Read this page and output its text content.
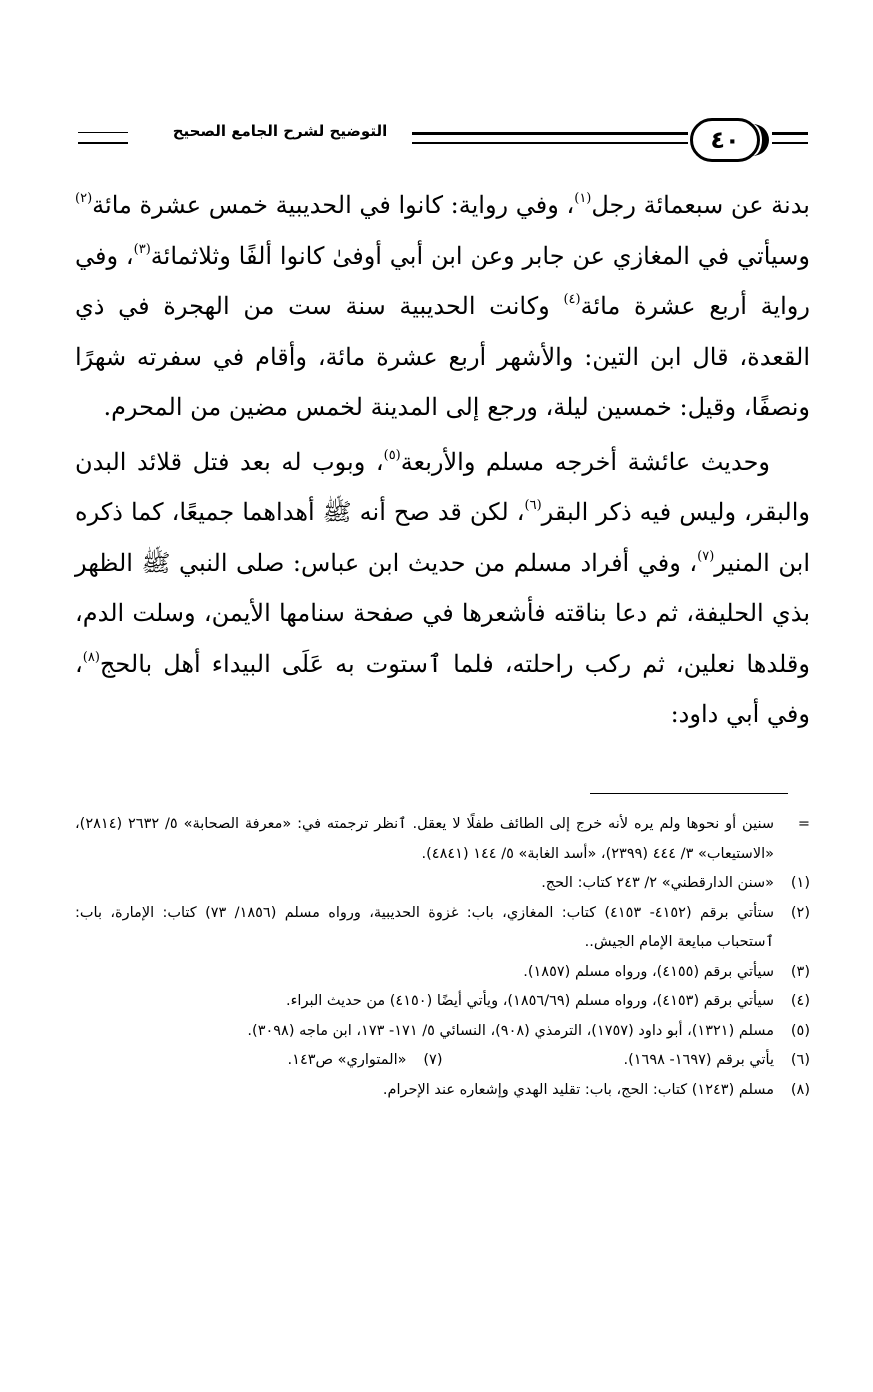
التوضيح لشرح الجامع الصحيح	٤٠

بدنة عن سبعمائة رجل$^{(١)}$، وفي رواية: كانوا في الحديبية خمس عشرة مائة$^{(٢)}$ وسيأتي في المغازي عن جابر وعن ابن أبي أوفىٰ كانوا ألفًا وثلاثمائة$^{(٣)}$، وفي رواية أربع عشرة مائة$^{(٤)}$ وكانت الحديبية سنة ست من الهجرة في ذي القعدة، قال ابن التين: والأشهر أربع عشرة مائة، وأقام في سفرته شهرًا ونصفًا، وقيل: خمسين ليلة، ورجع إلى المدينة لخمس مضين من المحرم.

وحديث عائشة أخرجه مسلم والأربعة$^{(٥)}$، وبوب له بعد فتل قلائد البدن والبقر، وليس فيه ذكر البقر$^{(٦)}$، لكن قد صح أنه ﷺ أهداهما جميعًا، كما ذكره ابن المنير$^{(٧)}$، وفي أفراد مسلم من حديث ابن عباس: صلى النبي ﷺ الظهر بذي الحليفة، ثم دعا بناقته فأشعرها في صفحة سنامها الأيمن، وسلت الدم، وقلدها نعلين، ثم ركب راحلته، فلما ٱستوت به عَلَى البيداء أهل بالحج$^{(٨)}$، وفي أبي داود:

=
سنين أو نحوها ولم يره لأنه خرج إلى الطائف طفلًا لا يعقل. ٱنظر ترجمته في: «معرفة الصحابة» ٥/ ٢٦٣٢ (٢٨١٤)، «الاستيعاب» ٣/ ٤٤٤ (٢٣٩٩)، «أسد الغابة» ٥/ ١٤٤ (٤٨٤١).
(١)
«سنن الدارقطني» ٢/ ٢٤٣ كتاب: الحج.
(٢)
ستأتي برقم (٤١٥٢- ٤١٥٣) كتاب: المغازي، باب: غزوة الحديبية، ورواه مسلم (١٨٥٦/ ٧٣) كتاب: الإمارة، باب: ٱستحباب مبايعة الإمام الجيش..
(٣)
سيأتي برقم (٤١٥٥)، ورواه مسلم (١٨٥٧).
(٤)
سيأتي برقم (٤١٥٣)، ورواه مسلم (١٨٥٦/٦٩)، ويأتي أيضًا (٤١٥٠) من حديث البراء.
(٥)
مسلم (١٣٢١)، أبو داود (١٧٥٧)، الترمذي (٩٠٨)، النسائي ٥/ ١٧١- ١٧٣، ابن ماجه (٣٠٩٨).
(٦)
يأتي برقم (١٦٩٧- ١٦٩٨).
(٧)
«المتواري» ص١٤٣.
(٨)
مسلم (١٢٤٣) كتاب: الحج، باب: تقليد الهدي وإشعاره عند الإحرام.
